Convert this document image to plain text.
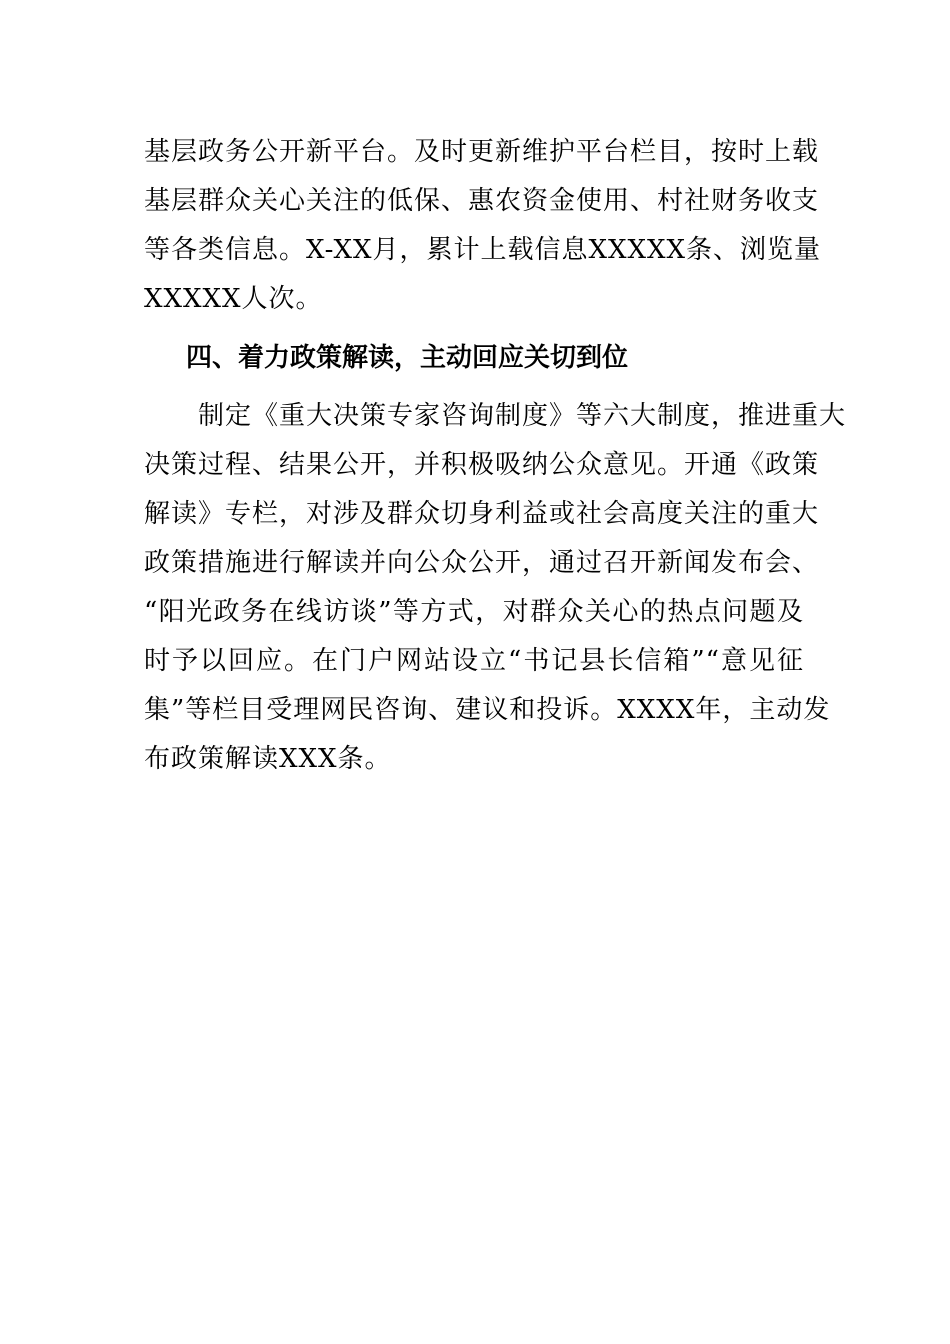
基层政务公开新平台。及时更新维护平台栏目，按时上载
基层群众关心关注的低保、惠农资金使用、村社财务收支
等各类信息。X-XX月，累计上载信息XXXXX条、浏览量
XXXXX人次。
四、着力政策解读，主动回应关切到位
　　制定《重大决策专家咨询制度》等六大制度，推进重大
决策过程、结果公开，并积极吸纳公众意见。开通《政策
解读》专栏，对涉及群众切身利益或社会高度关注的重大
政策措施进行解读并向公众公开，通过召开新闻发布会、
“阳光政务在线访谈”等方式，对群众关心的热点问题及
时予以回应。在门户网站设立“书记县长信箱”“意见征
集”等栏目受理网民咨询、建议和投诉。XXXX年，主动发
布政策解读XXX条。
